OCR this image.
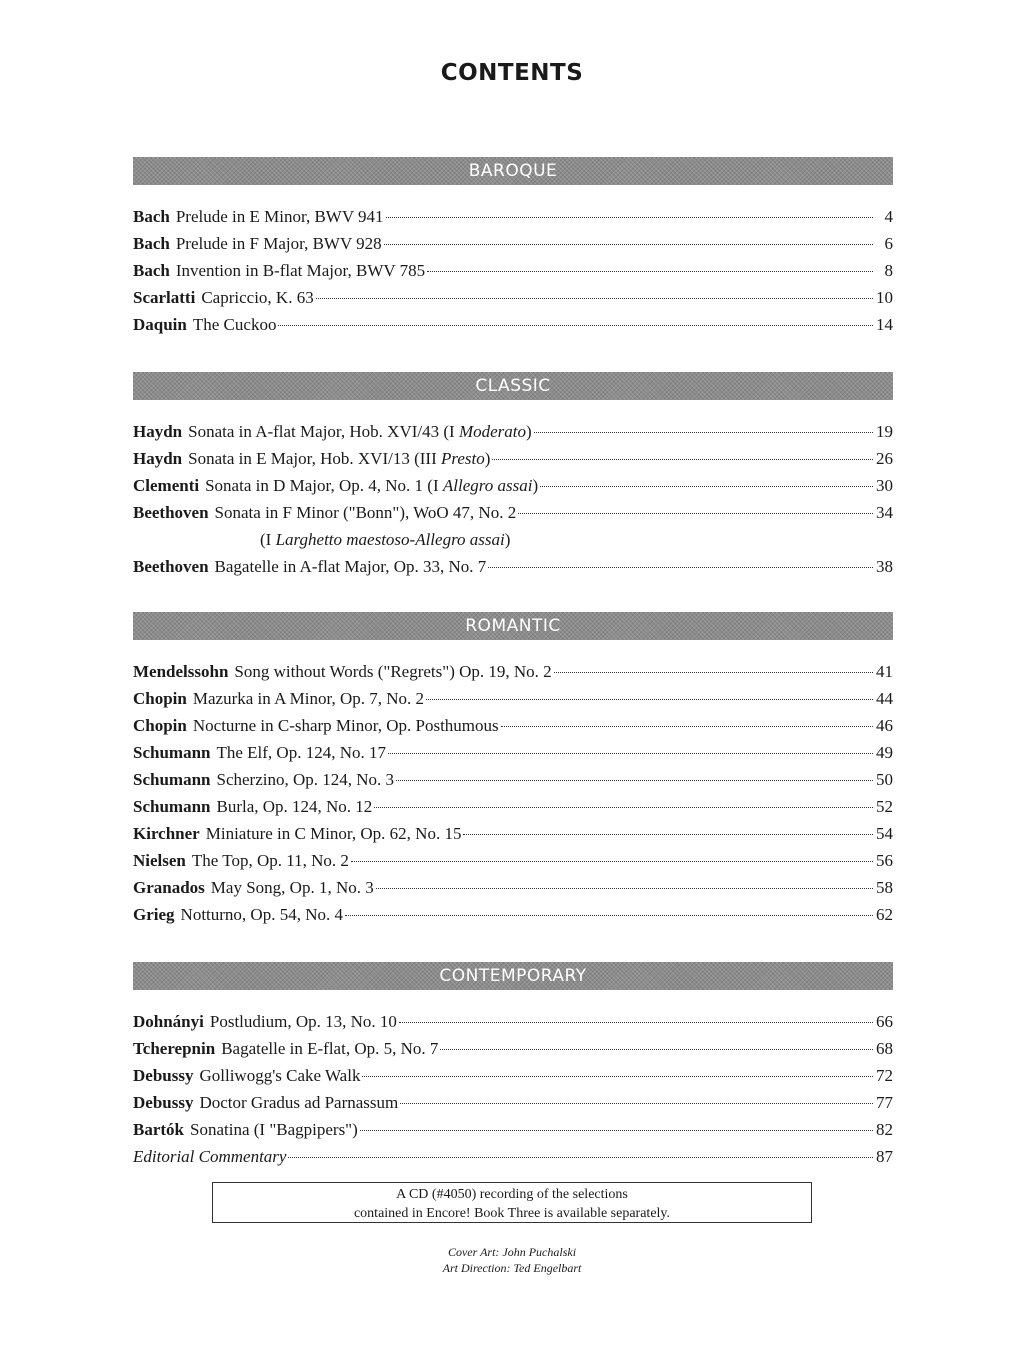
CONTENTS
BAROQUE
Bach Prelude in E Minor, BWV 941	4
Bach Prelude in F Major, BWV 928	6
Bach Invention in B-flat Major, BWV 785	8
Scarlatti Capriccio, K. 63	10
Daquin The Cuckoo	14
CLASSIC
Haydn Sonata in A-flat Major, Hob. XVI/43 (I Moderato)	19
Haydn Sonata in E Major, Hob. XVI/13 (III Presto)	26
Clementi Sonata in D Major, Op. 4, No. 1 (I Allegro assai)	30
Beethoven Sonata in F Minor ("Bonn"), WoO 47, No. 2	34
(I Larghetto maestoso-Allegro assai)
Beethoven Bagatelle in A-flat Major, Op. 33, No. 7	38
ROMANTIC
Mendelssohn Song without Words ("Regrets") Op. 19, No. 2	41
Chopin Mazurka in A Minor, Op. 7, No. 2	44
Chopin Nocturne in C-sharp Minor, Op. Posthumous	46
Schumann The Elf, Op. 124, No. 17	49
Schumann Scherzino, Op. 124, No. 3	50
Schumann Burla, Op. 124, No. 12	52
Kirchner Miniature in C Minor, Op. 62, No. 15	54
Nielsen The Top, Op. 11, No. 2	56
Granados May Song, Op. 1, No. 3	58
Grieg Notturno, Op. 54, No. 4	62
CONTEMPORARY
Dohnányi Postludium, Op. 13, No. 10	66
Tcherepnin Bagatelle in E-flat, Op. 5, No. 7	68
Debussy Golliwogg's Cake Walk	72
Debussy Doctor Gradus ad Parnassum	77
Bartók Sonatina (I "Bagpipers")	82
Editorial Commentary	87
A CD (#4050) recording of the selections
contained in Encore! Book Three is available separately.
Cover Art: John Puchalski
Art Direction: Ted Engelbart
